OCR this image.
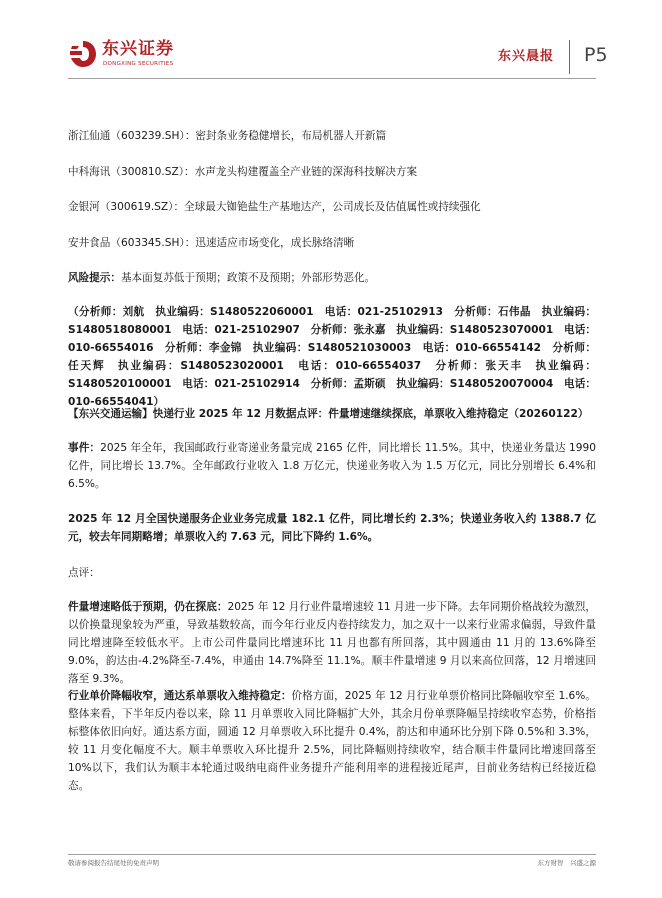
东兴证券
DONGXING SECURITIES	东兴晨报 P5
浙江仙通（603239.SH）：密封条业务稳健增长，布局机器人开新篇
中科海讯（300810.SZ）：水声龙头构建覆盖全产业链的深海科技解决方案
金银河（300619.SZ）：全球最大铷铯盐生产基地达产，公司成长及估值属性或持续强化
安井食品（603345.SH）：迅速适应市场变化，成长脉络清晰
风险提示：基本面复苏低于预期；政策不及预期；外部形势恶化。
（分析师：刘航　执业编码：S1480522060001　电话：021-25102913　分析师：石伟晶　执业编码：S1480518080001　电话：021-25102907　分析师：张永嘉　执业编码：S1480523070001　电话：010-66554016　分析师：李金锦　执业编码：S1480521030003　电话：010-66554142　分析师：任天辉　执业编码：S1480523020001　电话：010-66554037　分析师：张天丰　执业编码：S1480520100001　电话：021-25102914　分析师：孟斯硕　执业编码：S1480520070004　电话：010-66554041）
【东兴交通运输】快递行业 2025 年 12 月数据点评：件量增速继续探底，单票收入维持稳定（20260122）
事件：2025 年全年，我国邮政行业寄递业务量完成 2165 亿件，同比增长 11.5%。其中，快递业务量达 1990 亿件，同比增长 13.7%。全年邮政行业收入 1.8 万亿元，快递业务收入为 1.5 万亿元，同比分别增长 6.4%和 6.5%。
2025 年 12 月全国快递服务企业业务完成量 182.1 亿件，同比增长约 2.3%；快递业务收入约 1388.7 亿元，较去年同期略增；单票收入约 7.63 元，同比下降约 1.6%。
点评：
件量增速略低于预期，仍在探底：2025 年 12 月行业件量增速较 11 月进一步下降。去年同期价格战较为激烈，以价换量现象较为严重，导致基数较高，而今年行业反内卷持续发力，加之双十一以来行业需求偏弱，导致件量同比增速降至较低水平。上市公司件量同比增速环比 11 月也都有所回落，其中圆通由 11 月的 13.6%降至 9.0%，韵达由-4.2%降至-7.4%，申通由 14.7%降至 11.1%。顺丰件量增速 9 月以来高位回落，12 月增速回落至 9.3%。
行业单价降幅收窄，通达系单票收入维持稳定：价格方面，2025 年 12 月行业单票价格同比降幅收窄至 1.6%。整体来看，下半年反内卷以来，除 11 月单票收入同比降幅扩大外，其余月份单票降幅呈持续收窄态势，价格指标整体依旧向好。通达系方面，圆通 12 月单票收入环比提升 0.4%，韵达和申通环比分别下降 0.5%和 3.3%，较 11 月变化幅度不大。顺丰单票收入环比提升 2.5%，同比降幅则持续收窄，结合顺丰件量同比增速回落至 10%以下，我们认为顺丰本轮通过吸纳电商件业务提升产能利用率的进程接近尾声，目前业务结构已经接近稳态。
敬请参阅报告结尾处的免责声明	东方财智　兴盛之源
